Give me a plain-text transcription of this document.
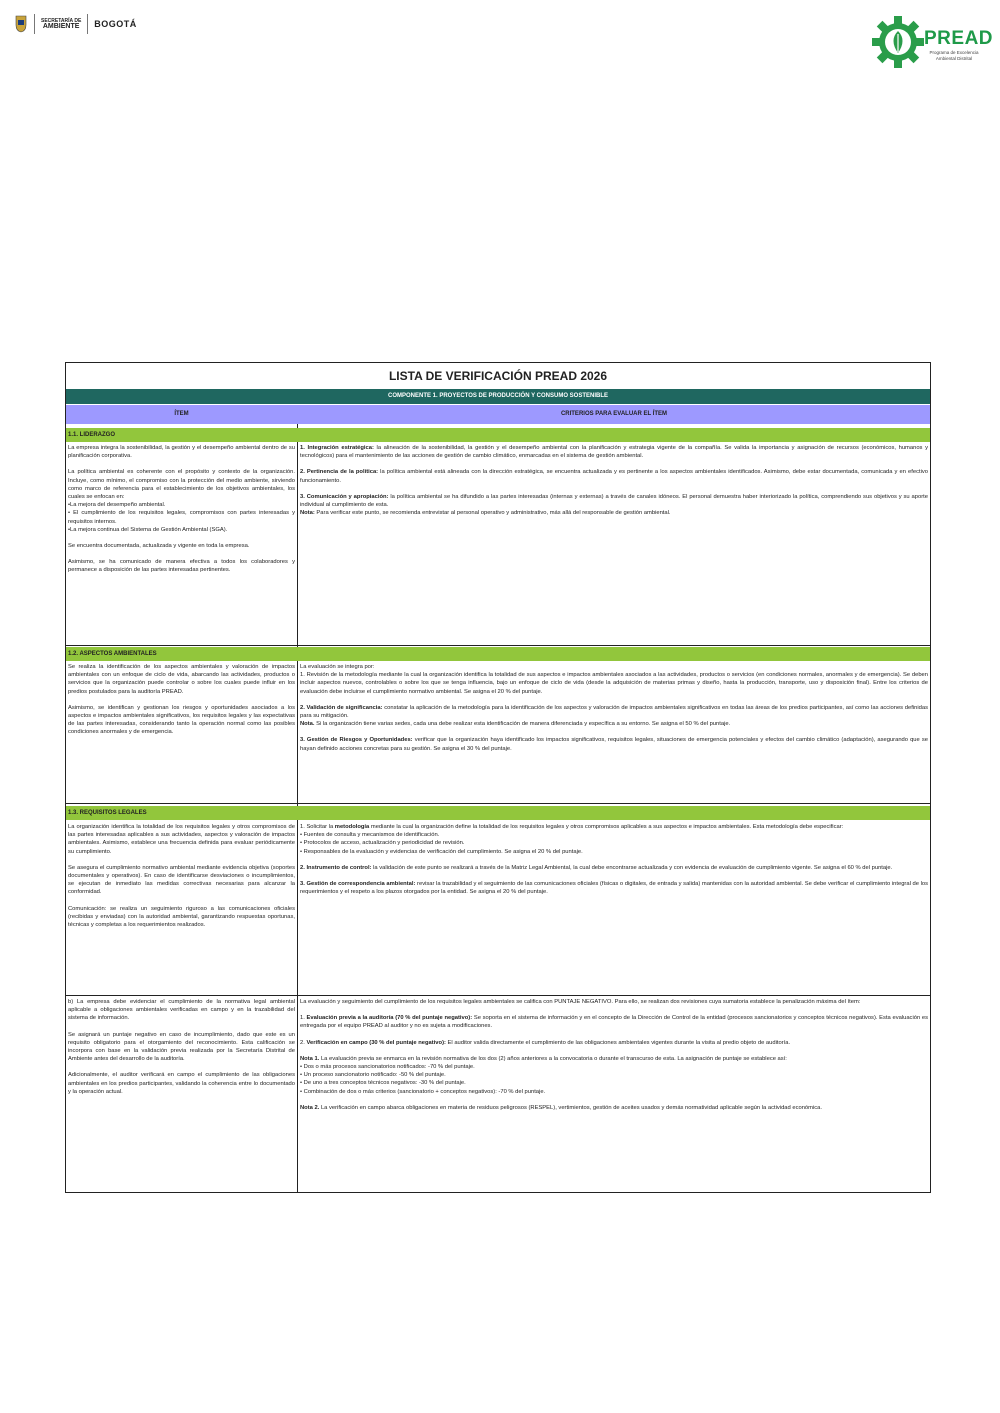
SECRETARÍA DE
AMBIENTE BOGOTÁ
PREAD
Programa de Excelencia Ambiental Distrital
LISTA DE VERIFICACIÓN PREAD 2026
COMPONENTE 1. PROYECTOS DE PRODUCCIÓN Y CONSUMO SOSTENIBLE
ÍTEM	CRITERIOS PARA EVALUAR EL ÍTEM
1.1. LIDERAZGO

La empresa integra la sostenibilidad, la gestión y el desempeño ambiental dentro de su planificación corporativa.

La política ambiental es coherente con el propósito y contexto de la organización. Incluye, como mínimo, el compromiso con la protección del medio ambiente, sirviendo como marco de referencia para el establecimiento de los objetivos ambientales, los cuales se enfocan en:

•La mejora del desempeño ambiental.

• El cumplimiento de los requisitos legales, compromisos con partes interesadas y requisitos internos.

•La mejora continua del Sistema de Gestión Ambiental (SGA).

Se encuentra documentada, actualizada y vigente en toda la empresa.

Asimismo, se ha comunicado de manera efectiva a todos los colaboradores y permanece a disposición de las partes interesadas pertinentes.

1. Integración estratégica: la alineación de la sostenibilidad, la gestión y el desempeño ambiental con la planificación y estrategia vigente de la compañía. Se valida la importancia y asignación de recursos (económicos, humanos y tecnológicos) para el mantenimiento de las acciones de gestión de cambio climático, enmarcadas en el sistema de gestión ambiental.

2. Pertinencia de la política: la política ambiental está alineada con la dirección estratégica, se encuentra actualizada y es pertinente a los aspectos ambientales identificados. Asimismo, debe estar documentada, comunicada y en efectivo funcionamiento.

3. Comunicación y apropiación: la política ambiental se ha difundido a las partes interesadas (internas y externas) a través de canales idóneos. El personal demuestra haber interiorizado la política, comprendiendo sus objetivos y su aporte individual al cumplimiento de esta.

Nota: Para verificar este punto, se recomienda entrevistar al personal operativo y administrativo, más allá del responsable de gestión ambiental.

1.2. ASPECTOS AMBIENTALES

Se realiza la identificación de los aspectos ambientales y valoración de impactos ambientales con un enfoque de ciclo de vida, abarcando las actividades, productos o servicios que la organización puede controlar o sobre los cuales puede influir en los predios postulados para la auditoría PREAD.

Asimismo, se identifican y gestionan los riesgos y oportunidades asociados a los aspectos e impactos ambientales significativos, los requisitos legales y las expectativas de las partes interesadas, considerando tanto la operación normal como las posibles condiciones anormales y de emergencia.

La evaluación se integra por:

1. Revisión de la metodología mediante la cual la organización identifica la totalidad de sus aspectos e impactos ambientales asociados a las actividades, productos o servicios (en condiciones normales, anormales y de emergencia). Se deben incluir aspectos nuevos, controlables o sobre los que se tenga influencia, bajo un enfoque de ciclo de vida (desde la adquisición de materias primas y diseño, hasta la producción, transporte, uso y disposición final). Entre los criterios de evaluación debe incluirse el cumplimiento normativo ambiental. Se asigna el 20 % del puntaje.

2. Validación de significancia: constatar la aplicación de la metodología para la identificación de los aspectos y valoración de impactos ambientales significativos en todas las áreas de los predios participantes, así como las acciones definidas para su mitigación.

Nota. Si la organización tiene varias sedes, cada una debe realizar esta identificación de manera diferenciada y específica a su entorno. Se asigna el 50 % del puntaje.

3. Gestión de Riesgos y Oportunidades: verificar que la organización haya identificado los impactos significativos, requisitos legales, situaciones de emergencia potenciales y efectos del cambio climático (adaptación), asegurando que se hayan definido acciones concretas para su gestión. Se asigna el 30 % del puntaje.

1.3. REQUISITOS LEGALES

La organización identifica la totalidad de los requisitos legales y otros compromisos de las partes interesadas aplicables a sus actividades, aspectos y valoración de impactos ambientales. Asimismo, establece una frecuencia definida para evaluar periódicamente su cumplimiento.

Se asegura el cumplimiento normativo ambiental mediante evidencia objetiva (soportes documentales y operativos). En caso de identificarse desviaciones o incumplimientos, se ejecutan de inmediato las medidas correctivas necesarias para alcanzar la conformidad.

Comunicación: se realiza un seguimiento riguroso a las comunicaciones oficiales (recibidas y enviadas) con la autoridad ambiental, garantizando respuestas oportunas, técnicas y completas a los requerimientos realizados.

1. Solicitar la metodología mediante la cual la organización define la totalidad de los requisitos legales y otros compromisos aplicables a sus aspectos e impactos ambientales. Esta metodología debe especificar:

• Fuentes de consulta y mecanismos de identificación.

• Protocolos de acceso, actualización y periodicidad de revisión.

• Responsables de la evaluación y evidencias de verificación del cumplimiento. Se asigna el 20 % del puntaje.

2. Instrumento de control: la validación de este punto se realizará a través de la Matriz Legal Ambiental, la cual debe encontrarse actualizada y con evidencia de evaluación de cumplimiento vigente. Se asigna el 60 % del puntaje.

3. Gestión de correspondencia ambiental: revisar la trazabilidad y el seguimiento de las comunicaciones oficiales (físicas o digitales, de entrada y salida) mantenidas con la autoridad ambiental. Se debe verificar el cumplimiento integral de los requerimientos y el respeto a los plazos otorgados por la entidad. Se asigna el 20 % del puntaje.

b) La empresa debe evidenciar el cumplimiento de la normativa legal ambiental aplicable a obligaciones ambientales verificadas en campo y en la trazabilidad del sistema de información.

Se asignará un puntaje negativo en caso de incumplimiento, dado que este es un requisito obligatorio para el otorgamiento del reconocimiento. Esta calificación se incorpora con base en la validación previa realizada por la Secretaría Distrital de Ambiente antes del desarrollo de la auditoría.

Adicionalmente, el auditor verificará en campo el cumplimiento de las obligaciones ambientales en los predios participantes, validando la coherencia entre lo documentado y la operación actual.

La evaluación y seguimiento del cumplimiento de los requisitos legales ambientales se califica con PUNTAJE NEGATIVO. Para ello, se realizan dos revisiones cuya sumatoria establece la penalización máxima del ítem:

1. Evaluación previa a la auditoría (70 % del puntaje negativo): Se soporta en el sistema de información y en el concepto de la Dirección de Control de la entidad (procesos sancionatorios y conceptos técnicos negativos). Esta evaluación es entregada por el equipo PREAD al auditor y no es sujeta a modificaciones.

2. Verificación en campo (30 % del puntaje negativo): El auditor valida directamente el cumplimiento de las obligaciones ambientales vigentes durante la visita al predio objeto de auditoría.

Nota 1. La evaluación previa se enmarca en la revisión normativa de los dos (2) años anteriores a la convocatoria o durante el transcurso de esta. La asignación de puntaje se establece así:

• Dos o más procesos sancionatorios notificados: -70 % del puntaje.

• Un proceso sancionatorio notificado: -50 % del puntaje.

• De uno a tres conceptos técnicos negativos: -30 % del puntaje.

• Combinación de dos o más criterios (sancionatorio + conceptos negativos): -70 % del puntaje.

Nota 2. La verificación en campo abarca obligaciones en materia de residuos peligrosos (RESPEL), vertimientos, gestión de aceites usados y demás normatividad aplicable según la actividad económica.
